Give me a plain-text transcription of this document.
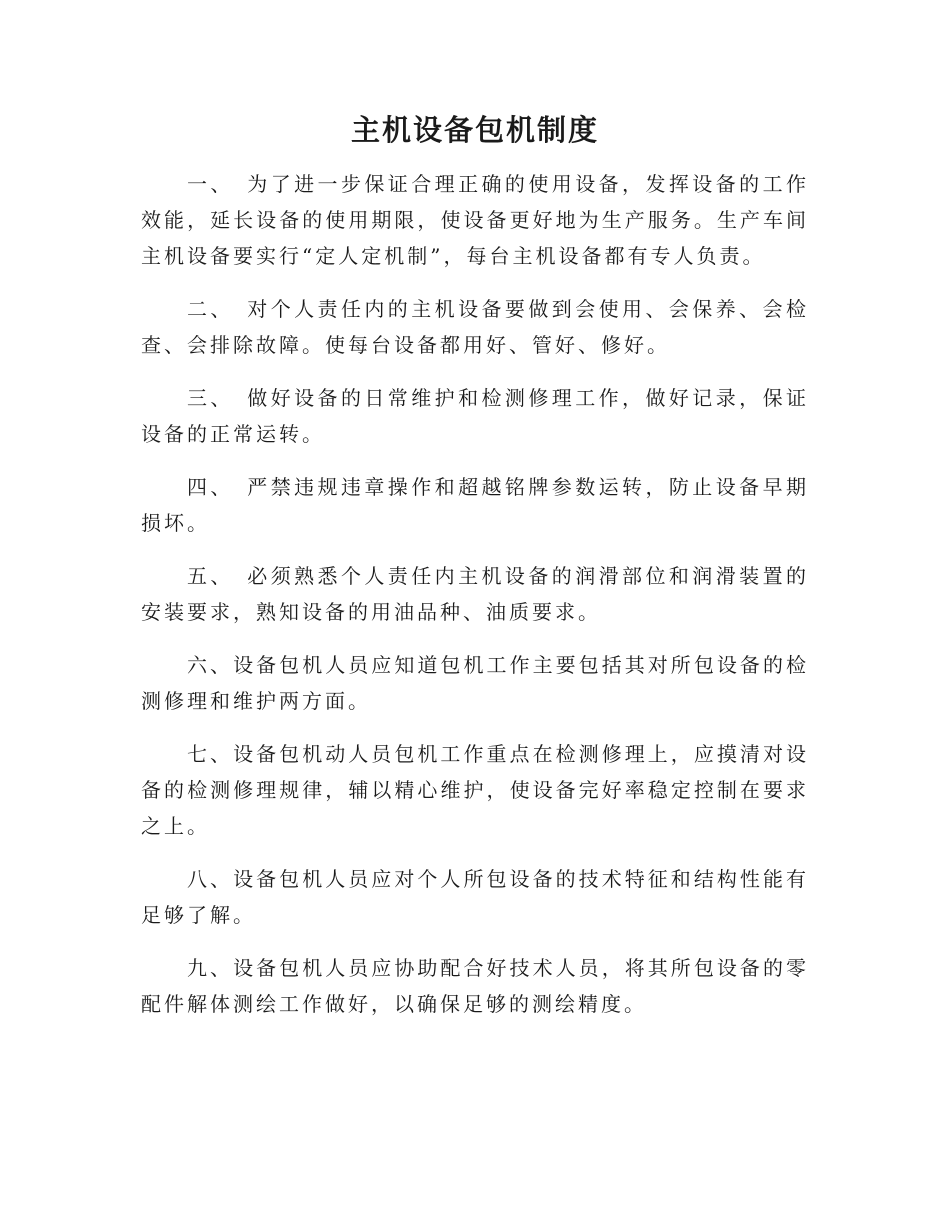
主机设备包机制度

一、　为了进一步保证合理正确的使用设备，发挥设备的工作效能，延长设备的使用期限，使设备更好地为生产服务。生产车间主机设备要实行“定人定机制”，每台主机设备都有专人负责。

二、　对个人责任内的主机设备要做到会使用、会保养、会检查、会排除故障。使每台设备都用好、管好、修好。

三、　做好设备的日常维护和检测修理工作，做好记录，保证设备的正常运转。

四、　严禁违规违章操作和超越铭牌参数运转，防止设备早期损坏。

五、　必须熟悉个人责任内主机设备的润滑部位和润滑装置的安装要求，熟知设备的用油品种、油质要求。

六、设备包机人员应知道包机工作主要包括其对所包设备的检测修理和维护两方面。

七、设备包机动人员包机工作重点在检测修理上，应摸清对设备的检测修理规律，辅以精心维护，使设备完好率稳定控制在要求之上。

八、设备包机人员应对个人所包设备的技术特征和结构性能有足够了解。

九、设备包机人员应协助配合好技术人员，将其所包设备的零配件解体测绘工作做好，以确保足够的测绘精度。
